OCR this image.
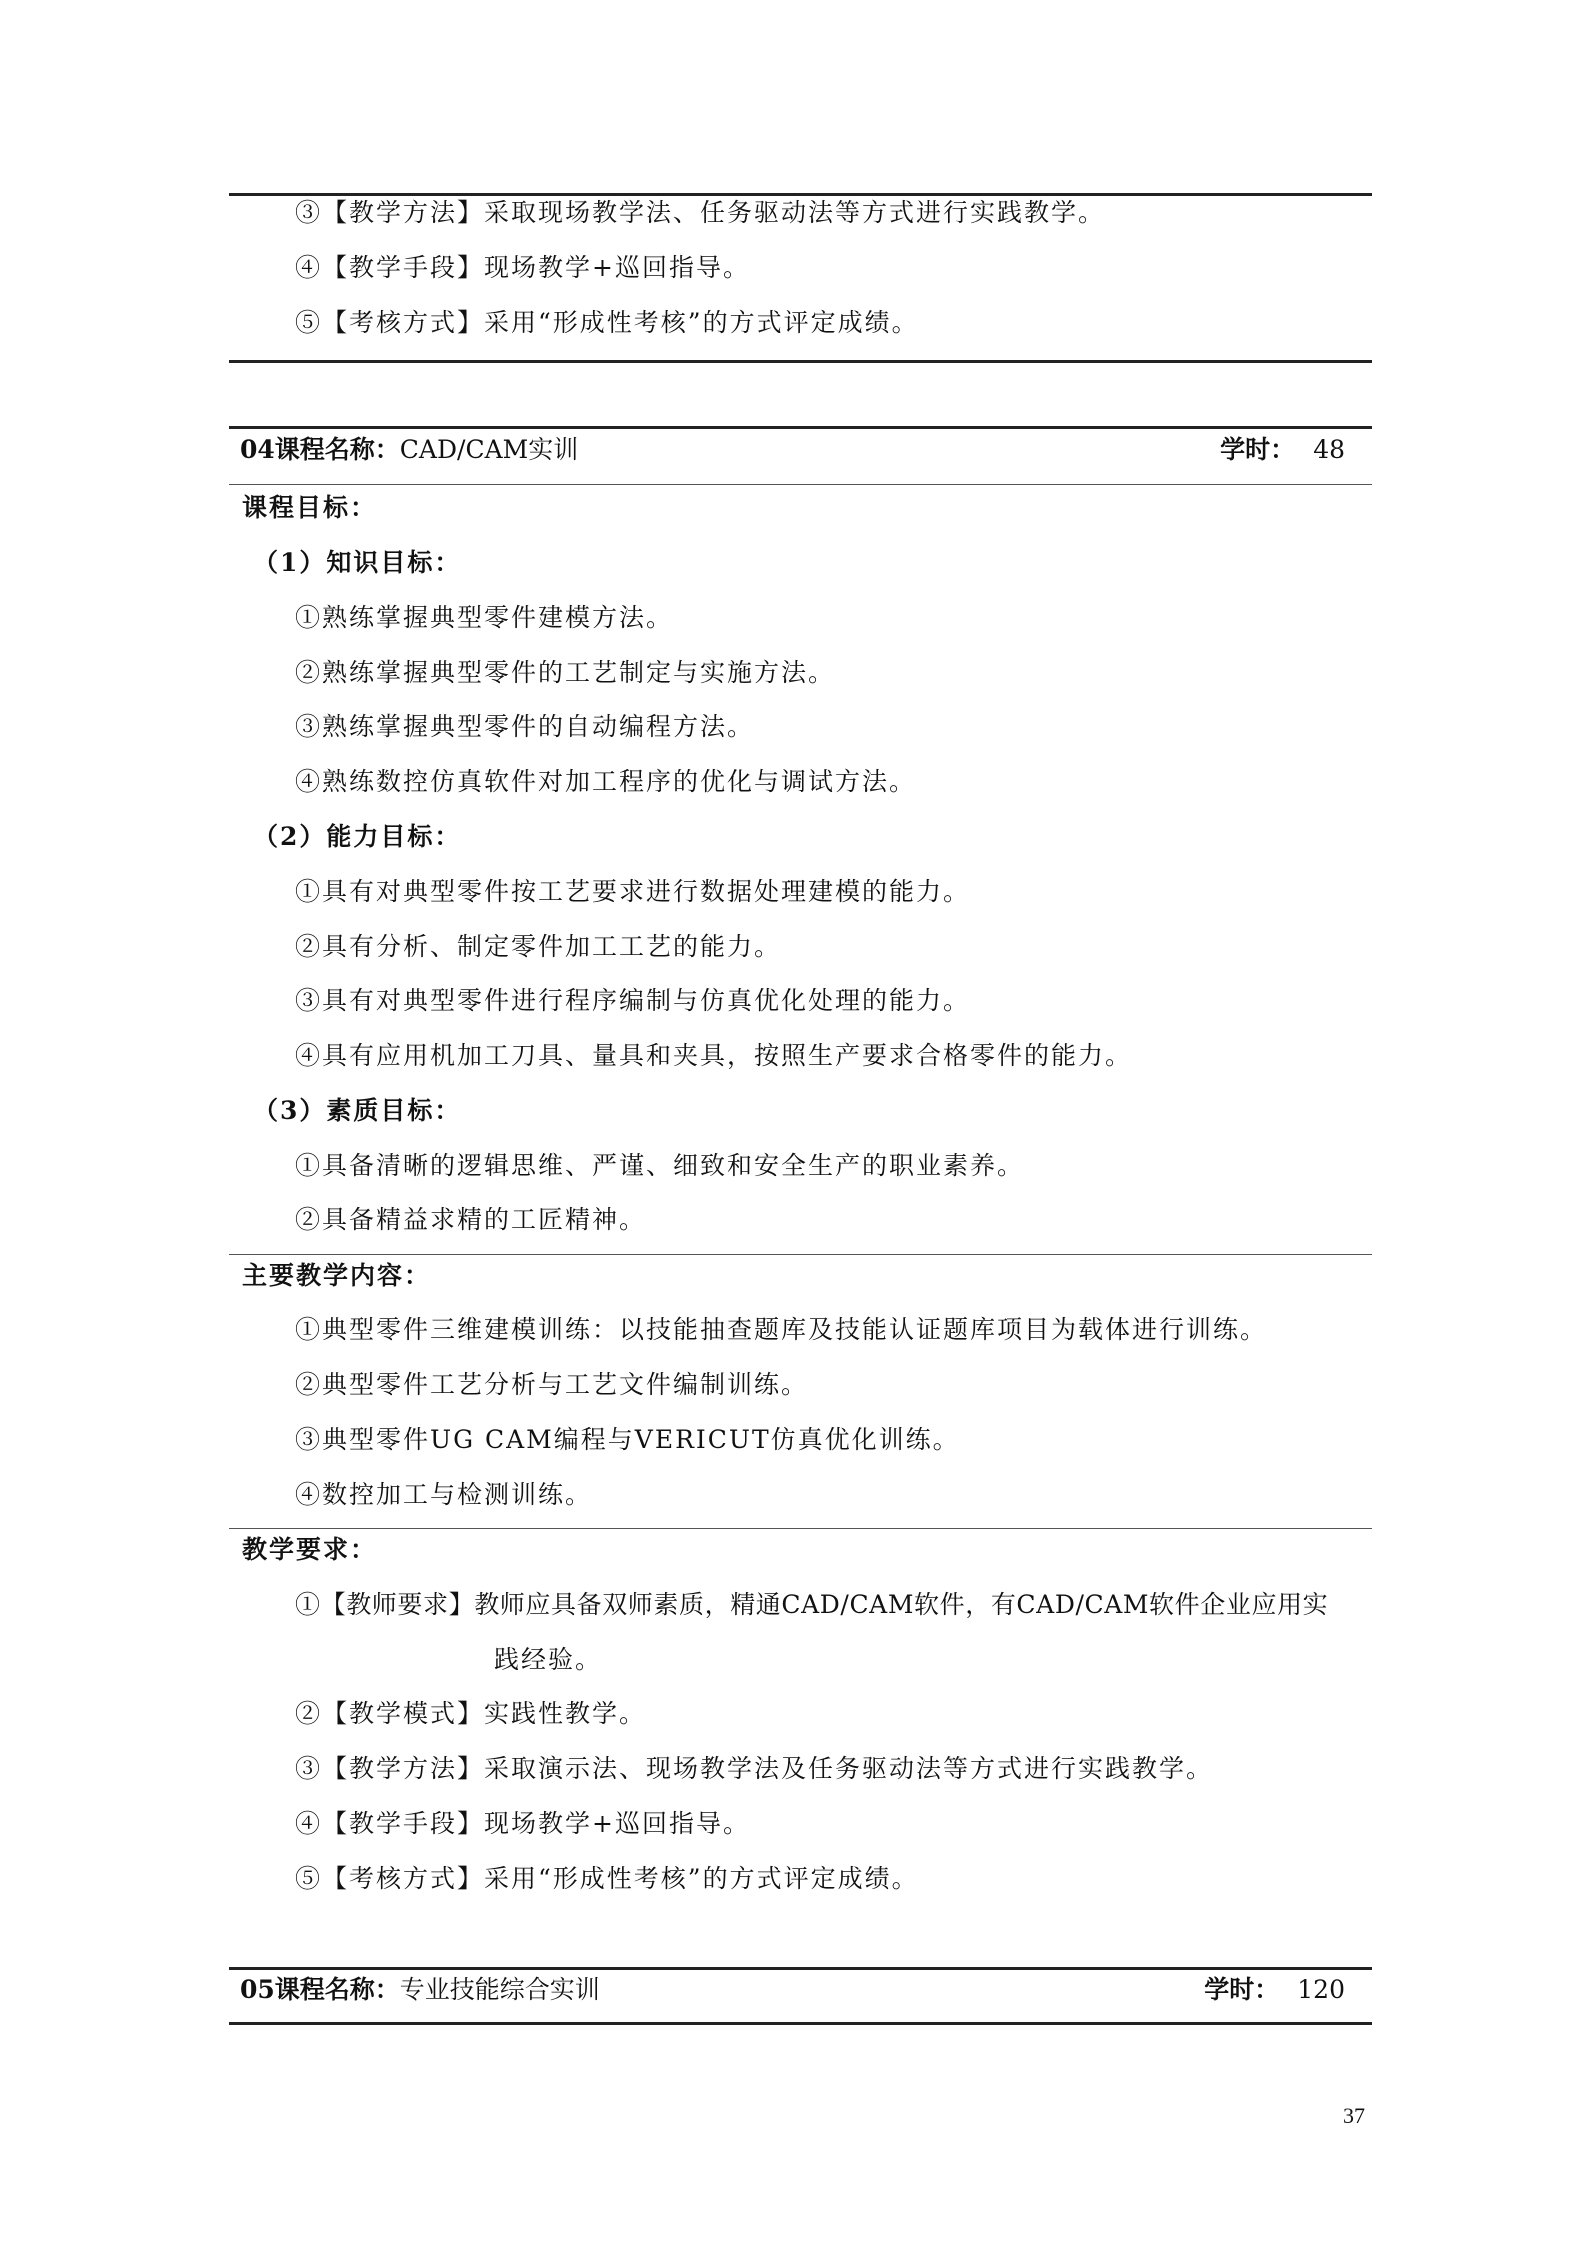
③【教学方法】采取现场教学法、任务驱动法等方式进行实践教学。
④【教学手段】现场教学+巡回指导。
⑤【考核方式】采用“形成性考核”的方式评定成绩。
04课程名称：CAD/CAM实训	学时： 48
课程目标：
（1）知识目标：
①熟练掌握典型零件建模方法。
②熟练掌握典型零件的工艺制定与实施方法。
③熟练掌握典型零件的自动编程方法。
④熟练数控仿真软件对加工程序的优化与调试方法。
（2）能力目标：
①具有对典型零件按工艺要求进行数据处理建模的能力。
②具有分析、制定零件加工工艺的能力。
③具有对典型零件进行程序编制与仿真优化处理的能力。
④具有应用机加工刀具、量具和夹具，按照生产要求合格零件的能力。
（3）素质目标：
①具备清晰的逻辑思维、严谨、细致和安全生产的职业素养。
②具备精益求精的工匠精神。
主要教学内容：
①典型零件三维建模训练：以技能抽查题库及技能认证题库项目为载体进行训练。
②典型零件工艺分析与工艺文件编制训练。
③典型零件UG CAM编程与VERICUT仿真优化训练。
④数控加工与检测训练。
教学要求：
①【教师要求】教师应具备双师素质，精通CAD/CAM软件，有CAD/CAM软件企业应用实
践经验。
②【教学模式】实践性教学。
③【教学方法】采取演示法、现场教学法及任务驱动法等方式进行实践教学。
④【教学手段】现场教学+巡回指导。
⑤【考核方式】采用“形成性考核”的方式评定成绩。
05课程名称：专业技能综合实训	学时： 120
37
